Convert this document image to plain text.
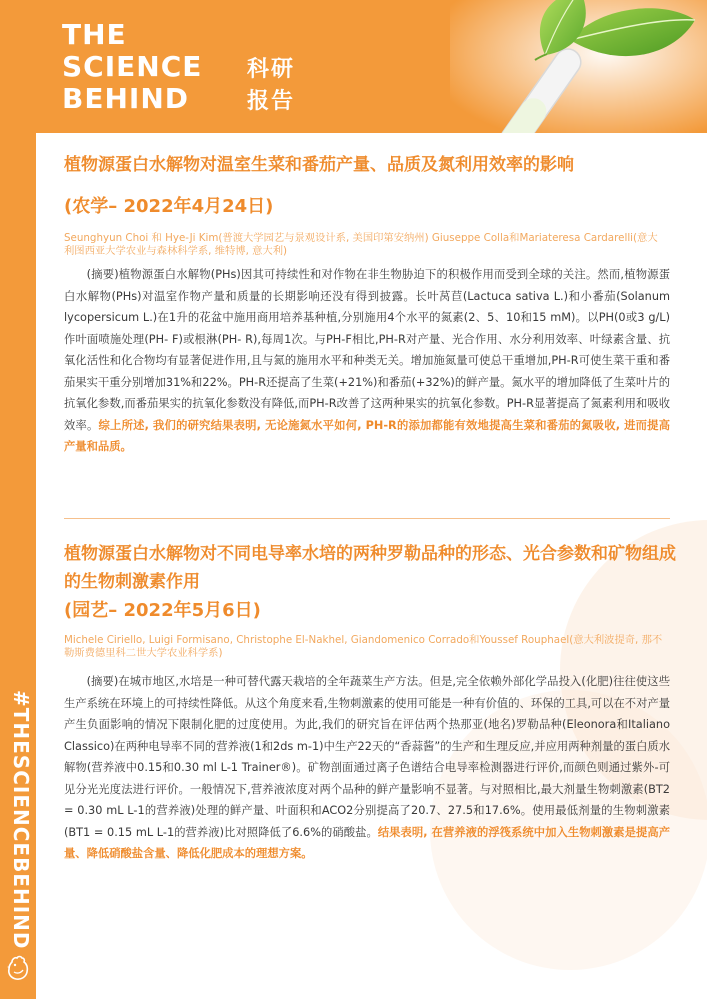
THE
SCIENCE
BEHIND
科研
报告
#THESCIENCEBEHIND
植物源蛋白水解物对温室生菜和番茄产量、品质及氮利用效率的影响
(农学– 2022年4月24日)
Seunghyun Choi 和 Hye-Ji Kim(普渡大学园艺与景观设计系, 美国印第安纳州) Giuseppe Colla和Mariateresa Cardarelli(意大利图西亚大学农业与森林科学系, 维特博, 意大利)
(摘要)植物源蛋白水解物(PHs)因其可持续性和对作物在非生物胁迫下的积极作用而受到全球的关注。然而,植物源蛋白水解物(PHs)对温室作物产量和质量的长期影响还没有得到披露。长叶莴苣(Lactuca sativa L.)和小番茄(Solanum lycopersicum L.)在1升的花盆中施用商用培养基种植,分别施用4个水平的氮素(2、5、10和15 mM)。以PH(0或3 g/L)作叶面喷施处理(PH- F)或根淋(PH- R),每周1次。与PH-F相比,PH-R对产量、光合作用、水分利用效率、叶绿素含量、抗氧化活性和化合物均有显著促进作用,且与氮的施用水平和种类无关。增加施氮量可使总干重增加,PH-R可使生菜干重和番茄果实干重分别增加31%和22%。PH-R还提高了生菜(+21%)和番茄(+32%)的鲜产量。氮水平的增加降低了生菜叶片的抗氧化参数,而番茄果实的抗氧化参数没有降低,而PH-R改善了这两种果实的抗氧化参数。PH-R显著提高了氮素利用和吸收效率。综上所述, 我们的研究结果表明, 无论施氮水平如何, PH-R的添加都能有效地提高生菜和番茄的氮吸收, 进而提高产量和品质。
植物源蛋白水解物对不同电导率水培的两种罗勒品种的形态、光合参数和矿物组成的生物刺激素作用
(园艺– 2022年5月6日)
Michele Ciriello, Luigi Formisano, Christophe El-Nakhel, Giandomenico Corrado和Youssef Rouphael(意大利波提奇, 那不勒斯费德里科二世大学农业科学系)
(摘要)在城市地区,水培是一种可替代露天栽培的全年蔬菜生产方法。但是,完全依赖外部化学品投入(化肥)往往使这些生产系统在环境上的可持续性降低。从这个角度来看,生物刺激素的使用可能是一种有价值的、环保的工具,可以在不对产量产生负面影响的情况下限制化肥的过度使用。为此,我们的研究旨在评估两个热那亚(地名)罗勒品种(Eleonora和Italiano Classico)在两种电导率不同的营养液(1和2ds m-1)中生产22天的“香蒜酱”的生产和生理反应,并应用两种剂量的蛋白质水解物(营养液中0.15和0.30 ml L-1 Trainer®)。矿物剖面通过离子色谱结合电导率检测器进行评价,而颜色则通过紫外-可见分光光度法进行评价。一般情况下,营养液浓度对两个品种的鲜产量影响不显著。与对照相比,最大剂量生物刺激素(BT2 = 0.30 mL L-1的营养液)处理的鲜产量、叶面积和ACO2分别提高了20.7、27.5和17.6%。使用最低剂量的生物刺激素(BT1 = 0.15 mL L-1的营养液)比对照降低了6.6%的硝酸盐。结果表明, 在营养液的浮筏系统中加入生物刺激素是提高产量、降低硝酸盐含量、降低化肥成本的理想方案。
